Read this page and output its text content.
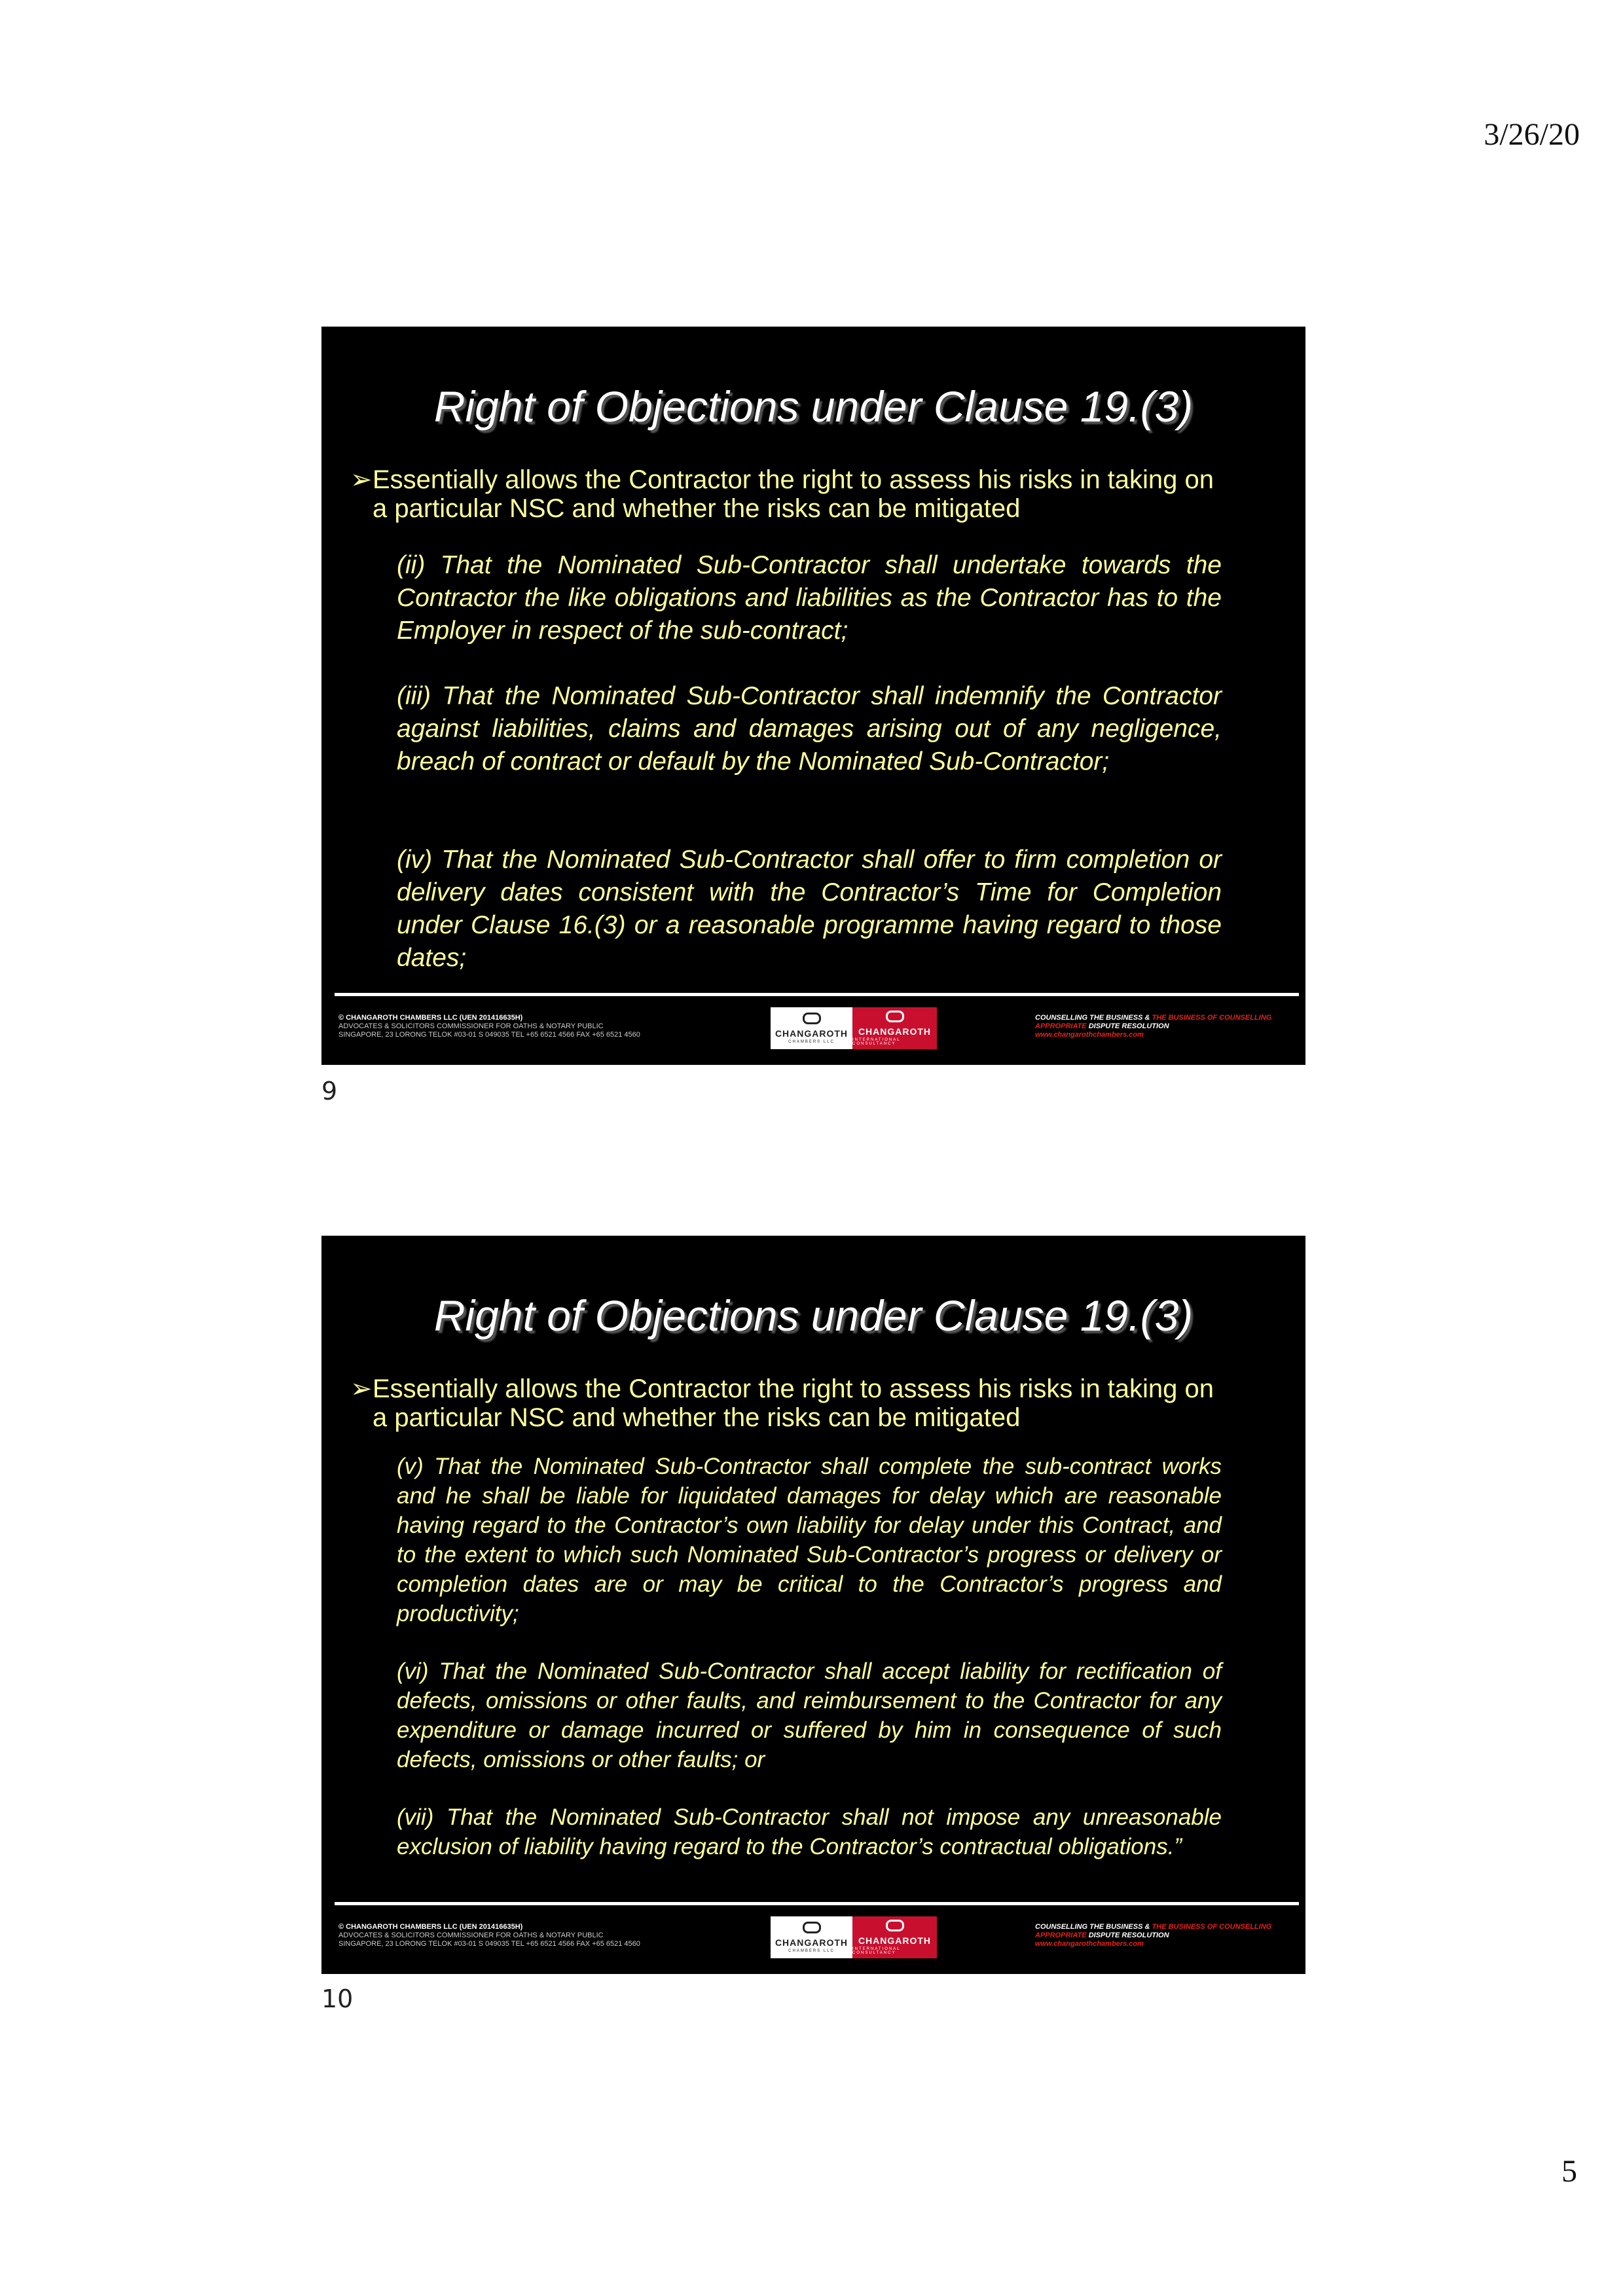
3/26/20
Right of Objections under Clause 19.(3)
➢Essentially allows the Contractor the right to assess his risks in taking on
a particular NSC and whether the risks can be mitigated

(ii) That the Nominated Sub-Contractor shall undertake towards the Contractor the like obligations and liabilities as the Contractor has to the Employer in respect of the sub-contract;

(iii) That the Nominated Sub-Contractor shall indemnify the Contractor against liabilities, claims and damages arising out of any negligence, breach of contract or default by the Nominated Sub-Contractor;

(iv) That the Nominated Sub-Contractor shall offer to firm completion or delivery dates consistent with the Contractor’s Time for Completion under Clause 16.(3) or a reasonable programme having regard to those dates;

© CHANGAROTH CHAMBERS LLC (UEN 201416635H)
ADVOCATES & SOLICITORS COMMISSIONER FOR OATHS & NOTARY PUBLIC
SINGAPORE, 23 LORONG TELOK #03-01 S 049035 TEL +65 6521 4566 FAX +65 6521 4560	CHANGAROTH
CHAMBERS LLC
CHANGAROTH
INTERNATIONAL CONSULTANCY
COUNSELLING THE BUSINESS & THE BUSINESS OF COUNSELLING
APPROPRIATE DISPUTE RESOLUTION
www.changarothchambers.com
9
Right of Objections under Clause 19.(3)
➢Essentially allows the Contractor the right to assess his risks in taking on
a particular NSC and whether the risks can be mitigated

(v) That the Nominated Sub-Contractor shall complete the sub-contract works and he shall be liable for liquidated damages for delay which are reasonable having regard to the Contractor’s own liability for delay under this Contract, and to the extent to which such Nominated Sub-Contractor’s progress or delivery or completion dates are or may be critical to the Contractor’s progress and productivity;

(vi) That the Nominated Sub-Contractor shall accept liability for rectification of defects, omissions or other faults, and reimbursement to the Contractor for any expenditure or damage incurred or suffered by him in consequence of such defects, omissions or other faults; or

(vii) That the Nominated Sub-Contractor shall not impose any unreasonable exclusion of liability having regard to the Contractor’s contractual obligations.”

© CHANGAROTH CHAMBERS LLC (UEN 201416635H)
ADVOCATES & SOLICITORS COMMISSIONER FOR OATHS & NOTARY PUBLIC
SINGAPORE, 23 LORONG TELOK #03-01 S 049035 TEL +65 6521 4566 FAX +65 6521 4560	CHANGAROTH
CHAMBERS LLC
CHANGAROTH
INTERNATIONAL CONSULTANCY
COUNSELLING THE BUSINESS & THE BUSINESS OF COUNSELLING
APPROPRIATE DISPUTE RESOLUTION
www.changarothchambers.com
10
5
